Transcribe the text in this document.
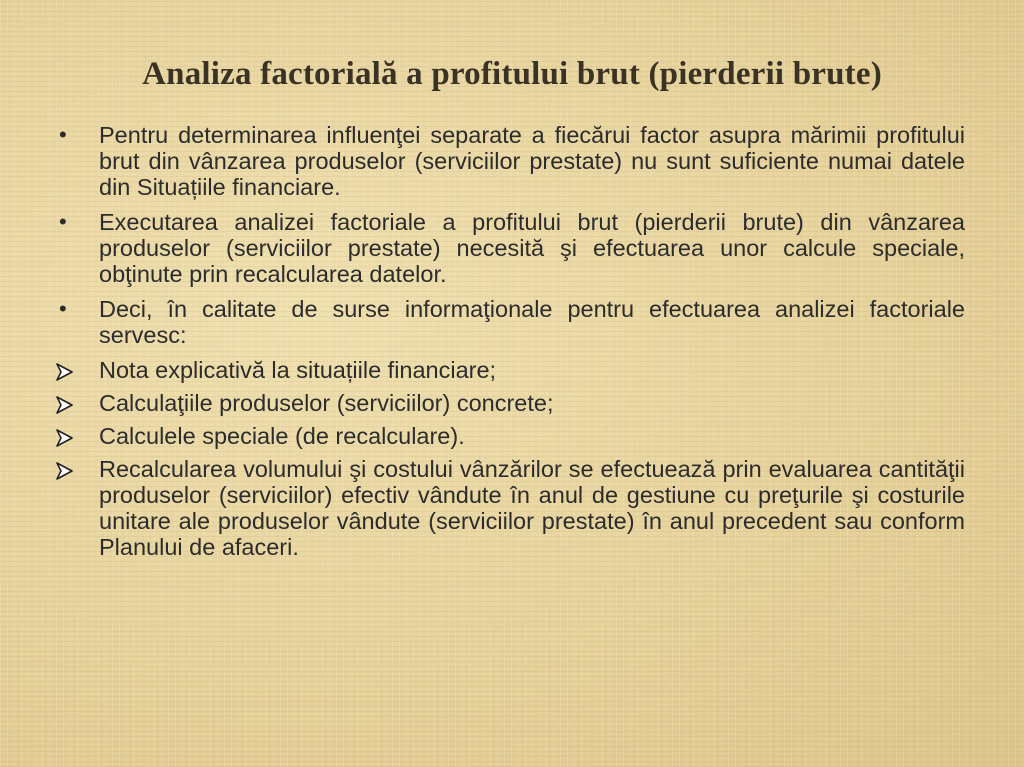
Analiza factorială a profitului brut (pierderii brute)
•	Pentru determinarea influenţei separate a fiecărui factor asupra mărimii profitului brut din vânzarea produselor (serviciilor prestate) nu sunt suficiente numai datele din Situațiile financiare.
•	Executarea analizei factoriale a profitului brut (pierderii brute) din vânzarea produselor (serviciilor prestate) necesită şi efectuarea unor calcule speciale, obţinute prin recalcularea datelor.
•	Deci, în calitate de surse informaţionale pentru efectuarea analizei factoriale servesc:
Nota explicativă la situațiile financiare;
Calculaţiile produselor (serviciilor) concrete;
Calculele speciale (de recalculare).
Recalcularea volumului şi costului vânzărilor se efectuează prin evaluarea cantităţii produselor (serviciilor) efectiv vândute în anul de gestiune cu preţurile şi costurile unitare ale produselor vândute (serviciilor prestate) în anul precedent sau conform Planului de afaceri.
